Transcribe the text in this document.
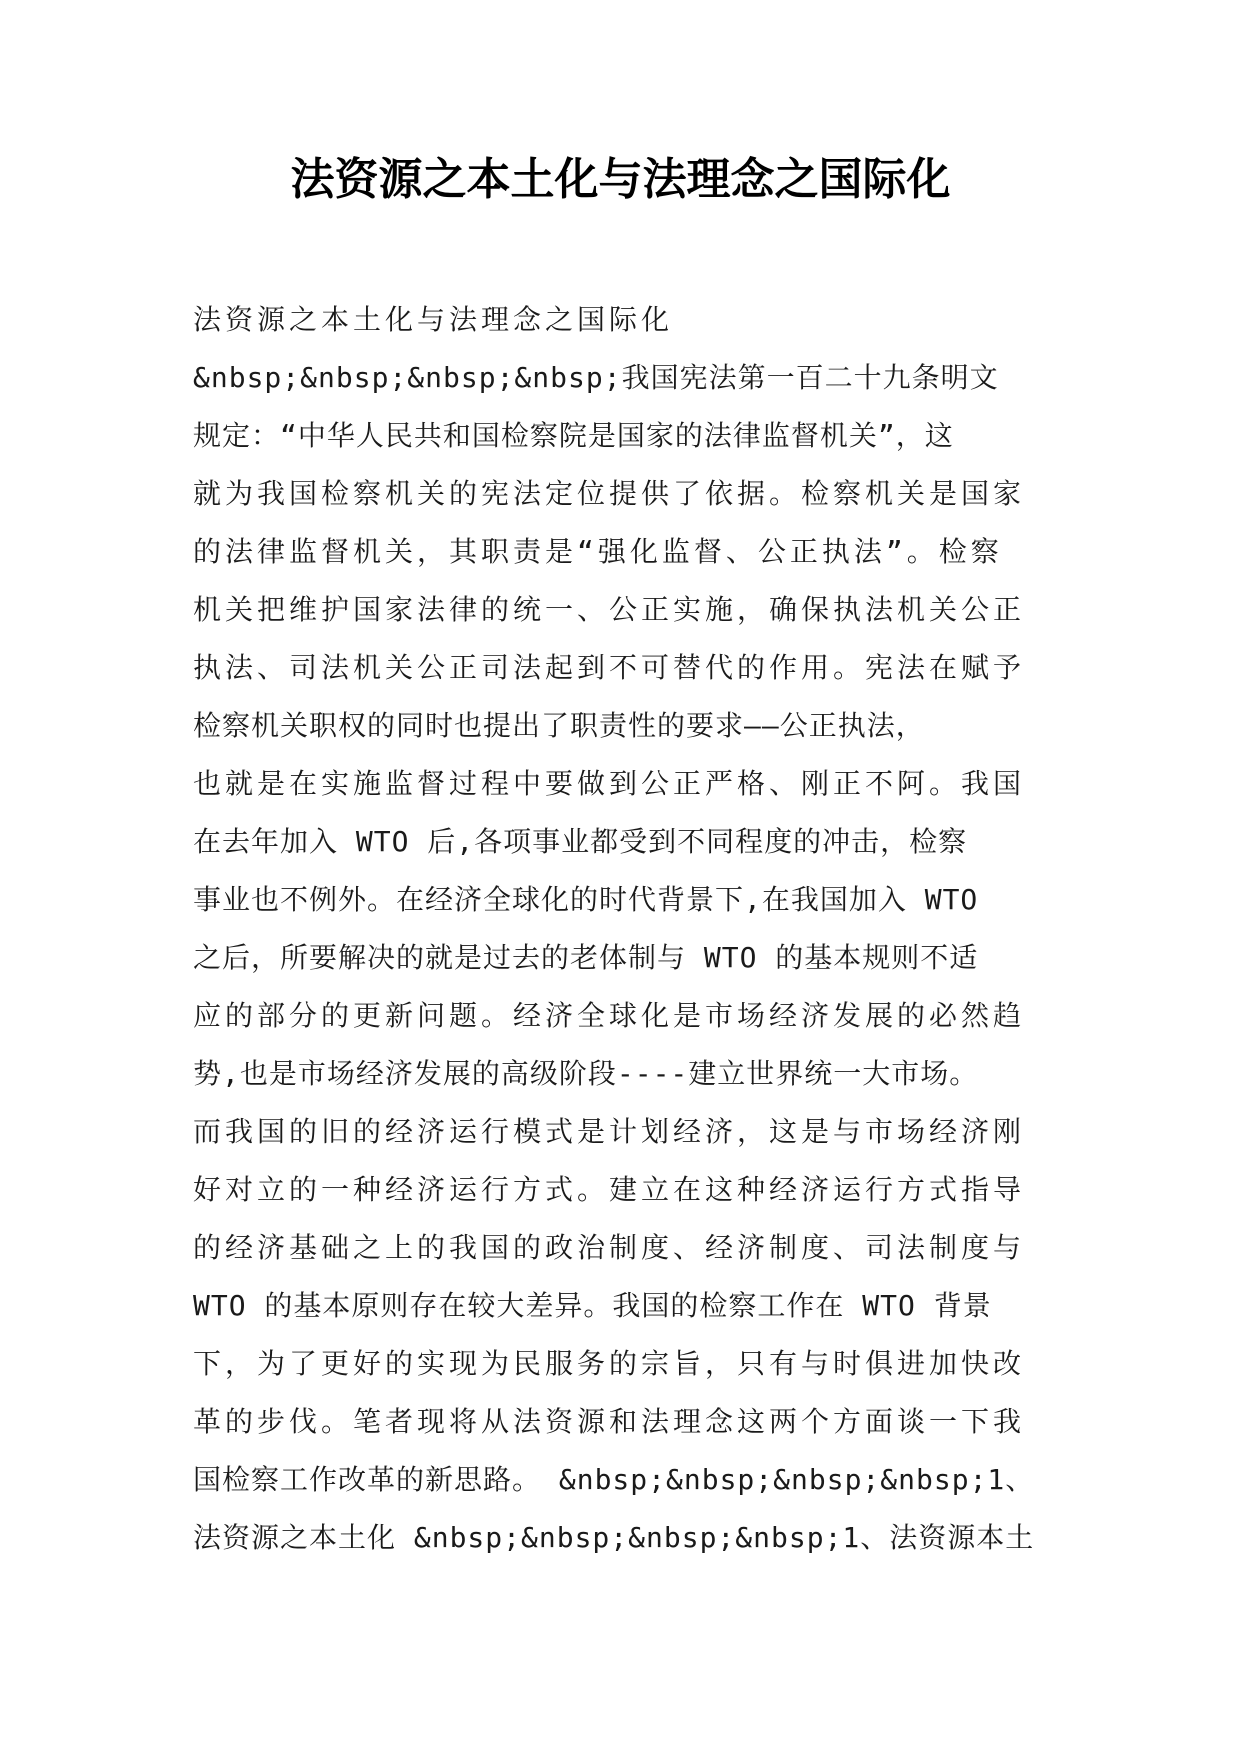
法资源之本土化与法理念之国际化
法资源之本土化与法理念之国际化
&nbsp;&nbsp;&nbsp;&nbsp;我国宪法第一百二十九条明文
规定：“中华人民共和国检察院是国家的法律监督机关”，这
就为我国检察机关的宪法定位提供了依据。检察机关是国家
的法律监督机关，其职责是“强化监督、公正执法”。检察
机关把维护国家法律的统一、公正实施，确保执法机关公正
执法、司法机关公正司法起到不可替代的作用。宪法在赋予
检察机关职权的同时也提出了职责性的要求——公正执法，
也就是在实施监督过程中要做到公正严格、刚正不阿。我国
在去年加入 WTO 后,各项事业都受到不同程度的冲击，检察
事业也不例外。在经济全球化的时代背景下,在我国加入 WTO
之后，所要解决的就是过去的老体制与 WTO 的基本规则不适
应的部分的更新问题。经济全球化是市场经济发展的必然趋
势,也是市场经济发展的高级阶段----建立世界统一大市场。
而我国的旧的经济运行模式是计划经济，这是与市场经济刚
好对立的一种经济运行方式。建立在这种经济运行方式指导
的经济基础之上的我国的政治制度、经济制度、司法制度与
WTO 的基本原则存在较大差异。我国的检察工作在 WTO 背景
下，为了更好的实现为民服务的宗旨，只有与时俱进加快改
革的步伐。笔者现将从法资源和法理念这两个方面谈一下我
国检察工作改革的新思路。 &nbsp;&nbsp;&nbsp;&nbsp;1、
法资源之本土化 &nbsp;&nbsp;&nbsp;&nbsp;1、法资源本土
